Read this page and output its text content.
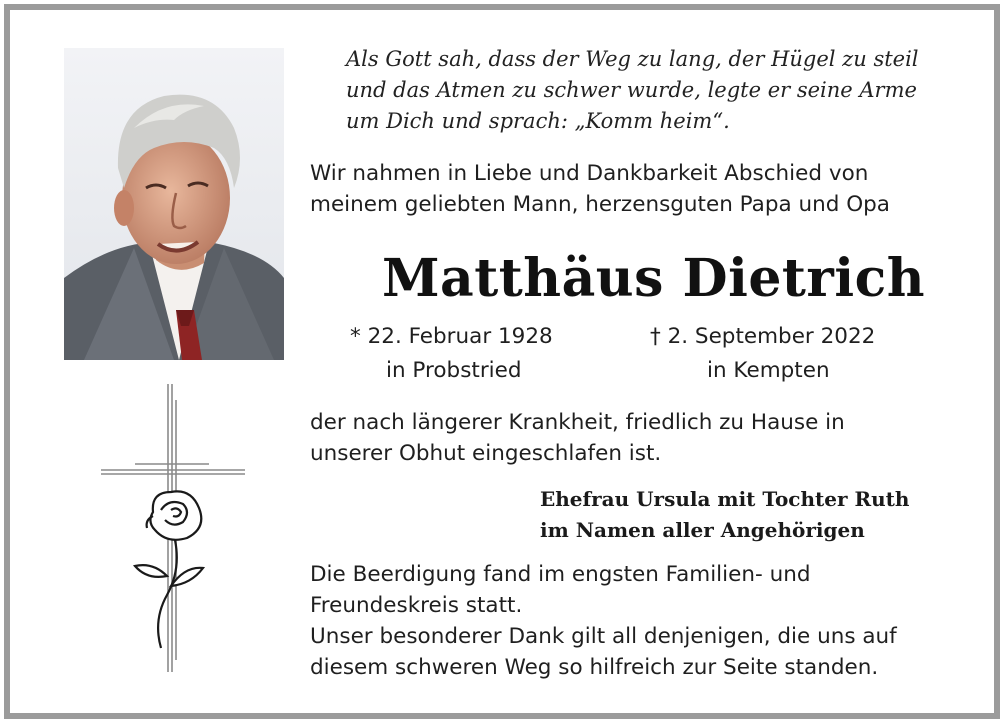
Als Gott sah, dass der Weg zu lang, der Hügel zu steil
und das Atmen zu schwer wurde, legte er seine Arme
um Dich und sprach: „Komm heim“.
Wir nahmen in Liebe und Dankbarkeit Abschied von
meinem geliebten Mann, herzensguten Papa und Opa
Matthäus Dietrich
* 22. Februar 1928
in Probstried
† 2. September 2022
in Kempten
der nach längerer Krankheit, friedlich zu Hause in
unserer Obhut eingeschlafen ist.
Ehefrau Ursula mit Tochter Ruth
im Namen aller Angehörigen
Die Beerdigung fand im engsten Familien- und
Freundeskreis statt.
Unser besonderer Dank gilt all denjenigen, die uns auf
diesem schweren Weg so hilfreich zur Seite standen.
